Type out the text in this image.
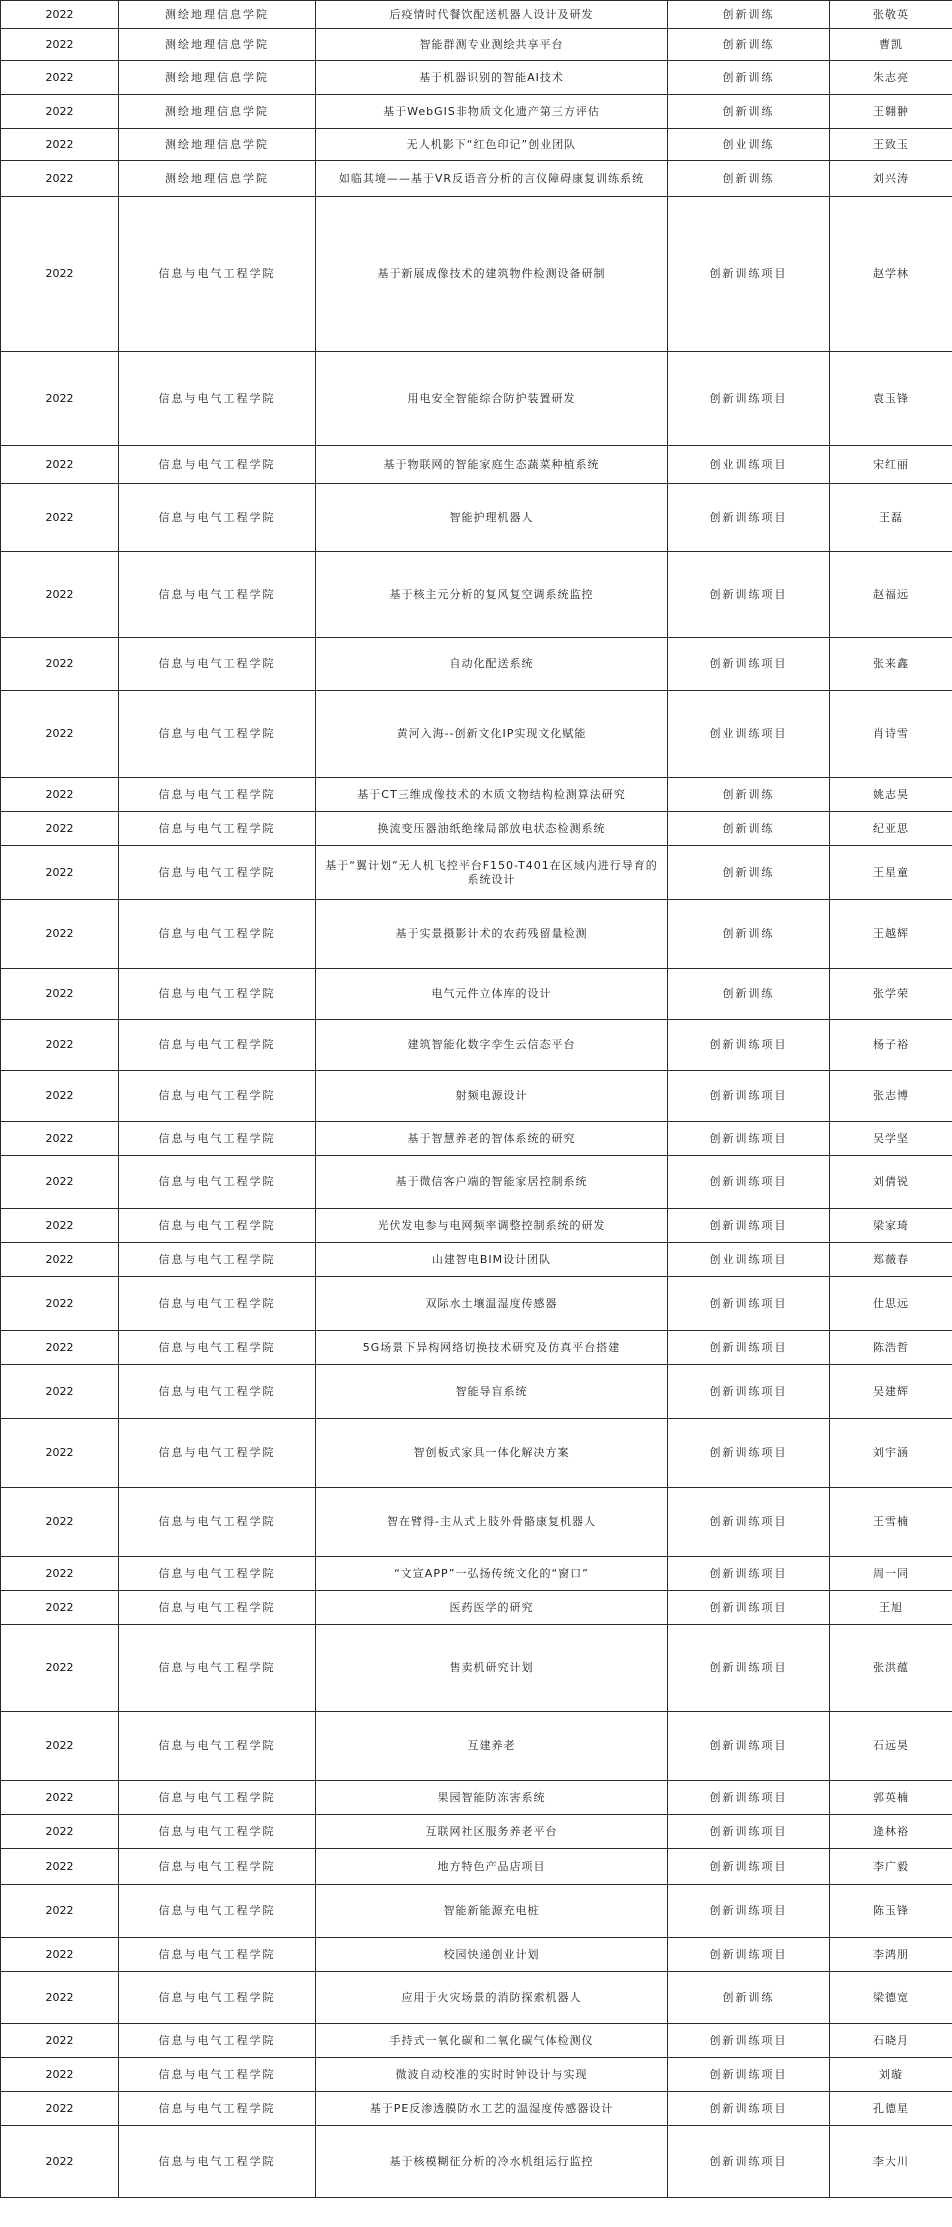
2022	测绘地理信息学院	后疫情时代餐饮配送机器人设计及研发	创新训练	张敬英
2022	测绘地理信息学院	智能群测专业测绘共享平台	创新训练	曹凯
2022	测绘地理信息学院	基于机器识别的智能AI技术	创新训练	朱志亮
2022	测绘地理信息学院	基于WebGIS非物质文化遗产第三方评估	创新训练	王翱翀
2022	测绘地理信息学院	无人机影下“红色印记”创业团队	创业训练	王致玉
2022	测绘地理信息学院	如临其境——基于VR反语音分析的言仪障碍康复训练系统	创新训练	刘兴涛
2022	信息与电气工程学院	基于新展成像技术的建筑物件检测设备研制	创新训练项目	赵学林
2022	信息与电气工程学院	用电安全智能综合防护装置研发	创新训练项目	袁玉锋
2022	信息与电气工程学院	基于物联网的智能家庭生态蔬菜种植系统	创业训练项目	宋红丽
2022	信息与电气工程学院	智能护理机器人	创新训练项目	王磊
2022	信息与电气工程学院	基于核主元分析的复风复空调系统监控	创新训练项目	赵福远
2022	信息与电气工程学院	自动化配送系统	创新训练项目	张来鑫
2022	信息与电气工程学院	黄河入海--创新文化IP实现文化赋能	创业训练项目	肖诗雪
2022	信息与电气工程学院	基于CT三维成像技术的木质文物结构检测算法研究	创新训练	姚志昊
2022	信息与电气工程学院	换流变压器油纸绝缘局部放电状态检测系统	创新训练	纪亚思
2022	信息与电气工程学院	基于“翼计划”无人机飞控平台F150-T401在区域内进行导育的系统设计	创新训练	王星童
2022	信息与电气工程学院	基于实景摄影计术的农药残留量检测	创新训练	王越辉
2022	信息与电气工程学院	电气元件立体库的设计	创新训练	张学荣
2022	信息与电气工程学院	建筑智能化数字孪生云信态平台	创新训练项目	杨子裕
2022	信息与电气工程学院	射频电源设计	创新训练项目	张志博
2022	信息与电气工程学院	基于智慧养老的智体系统的研究	创新训练项目	吴学坚
2022	信息与电气工程学院	基于微信客户端的智能家居控制系统	创新训练项目	刘倩锐
2022	信息与电气工程学院	光伏发电参与电网频率调整控制系统的研发	创新训练项目	梁家琦
2022	信息与电气工程学院	山建智电BIM设计团队	创业训练项目	郑薇春
2022	信息与电气工程学院	双际水土壤温湿度传感器	创新训练项目	仕思远
2022	信息与电气工程学院	5G场景下异构网络切换技术研究及仿真平台搭建	创新训练项目	陈浩哲
2022	信息与电气工程学院	智能导盲系统	创新训练项目	吴建辉
2022	信息与电气工程学院	智创板式家具一体化解决方案	创新训练项目	刘宇涵
2022	信息与电气工程学院	智在臂得-主从式上肢外骨骼康复机器人	创新训练项目	王雪楠
2022	信息与电气工程学院	“文宣APP”一弘扬传统文化的“窗口”	创新训练项目	周一同
2022	信息与电气工程学院	医药医学的研究	创新训练项目	王旭
2022	信息与电气工程学院	售卖机研究计划	创新训练项目	张洪蕴
2022	信息与电气工程学院	互建养老	创新训练项目	石远昊
2022	信息与电气工程学院	果园智能防冻害系统	创新训练项目	郭英楠
2022	信息与电气工程学院	互联网社区服务养老平台	创新训练项目	逄林裕
2022	信息与电气工程学院	地方特色产品店项目	创新训练项目	李广毅
2022	信息与电气工程学院	智能新能源充电桩	创新训练项目	陈玉锋
2022	信息与电气工程学院	校园快递创业计划	创新训练项目	李鸿朋
2022	信息与电气工程学院	应用于火灾场景的消防探索机器人	创新训练	梁德宽
2022	信息与电气工程学院	手持式一氧化碳和二氧化碳气体检测仪	创新训练项目	石晓月
2022	信息与电气工程学院	微波自动校准的实时时钟设计与实现	创新训练项目	刘璇
2022	信息与电气工程学院	基于PE反渗透膜防水工艺的温湿度传感器设计	创新训练项目	孔德星
2022	信息与电气工程学院	基于核模糊征分析的冷水机组运行监控	创新训练项目	李大川
